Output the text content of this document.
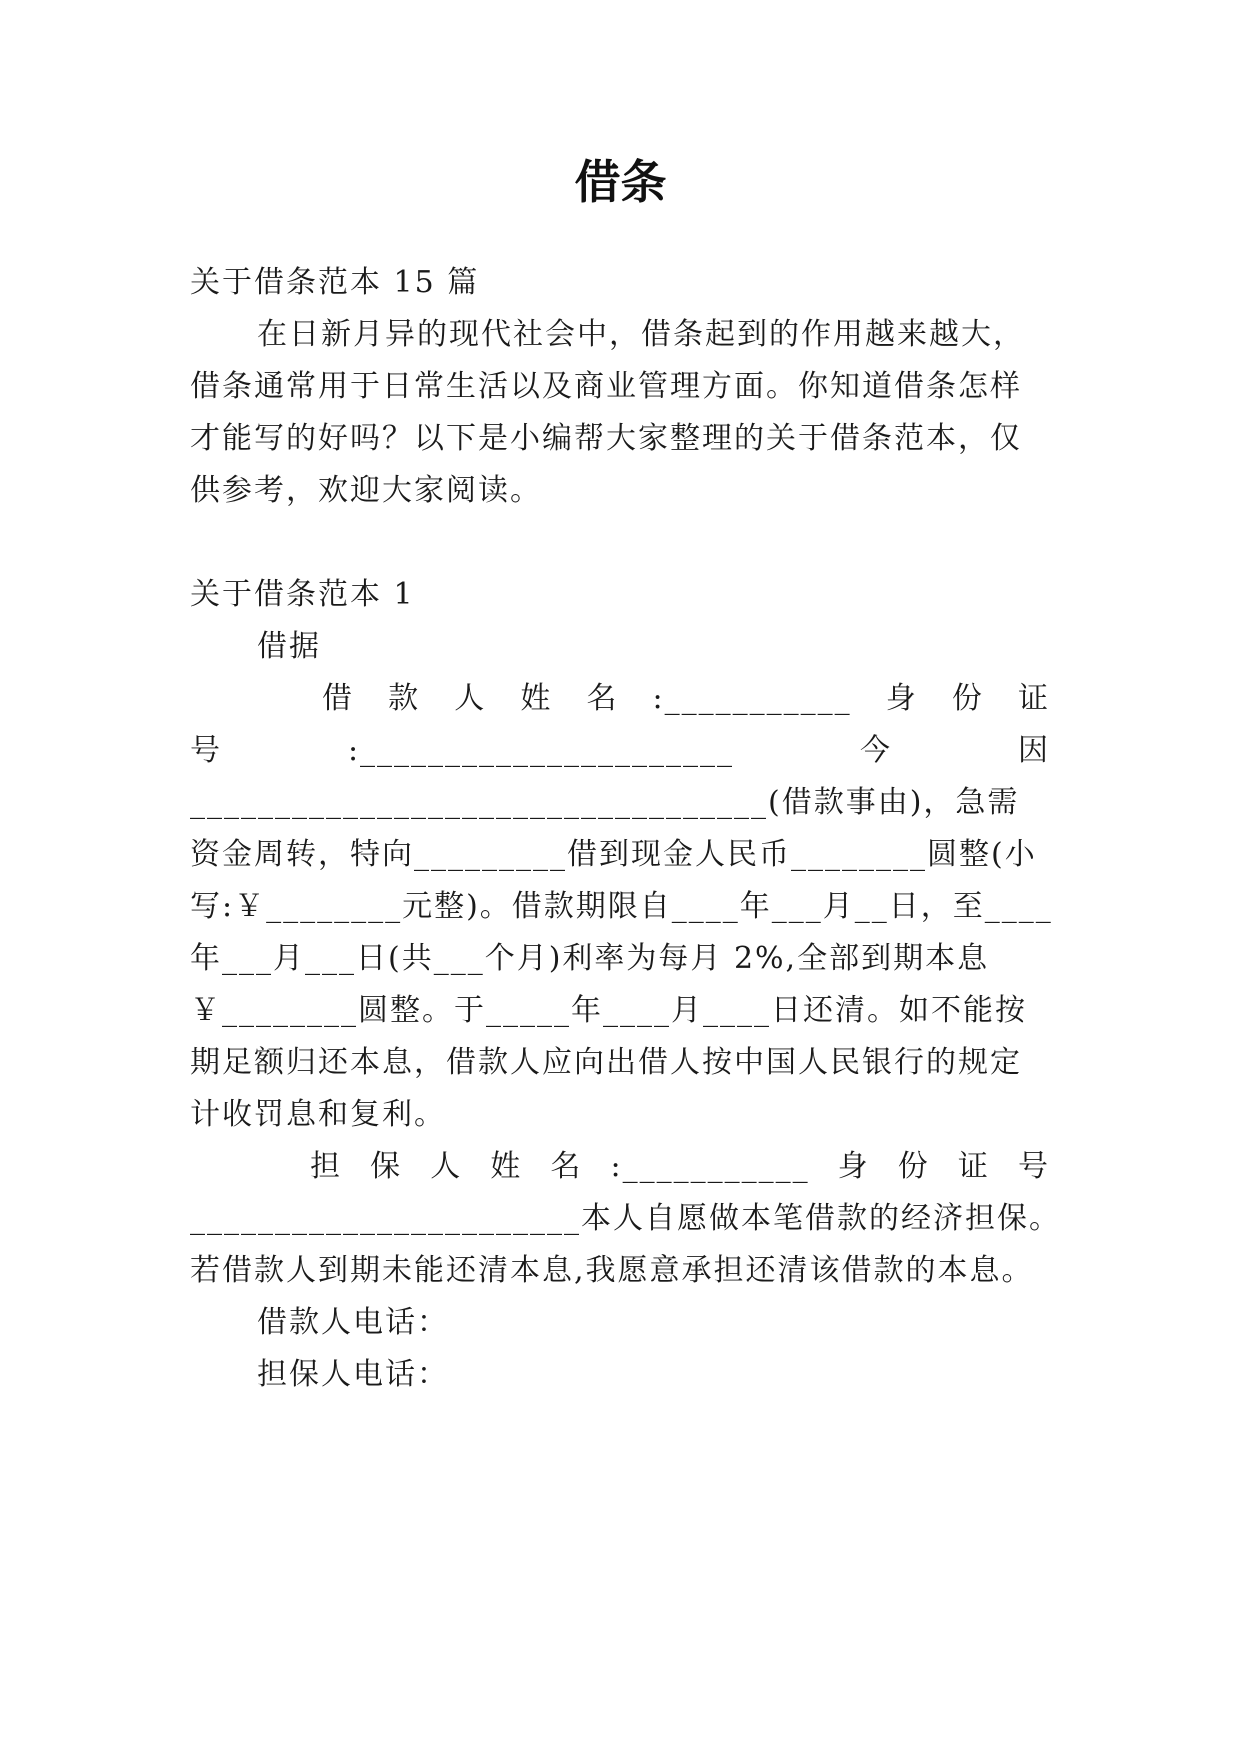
借条
关于借条范本 15 篇
在日新月异的现代社会中，借条起到的作用越来越大，
借条通常用于日常生活以及商业管理方面。你知道借条怎样
才能写的好吗？以下是小编帮大家整理的关于借条范本，仅
供参考，欢迎大家阅读。
关于借条范本 1
借据
借 款 人 姓 名 :___________ 身 份 证
号	:______________________	今	因
__________________________________(借款事由)，急需
资金周转，特向_________借到现金人民币________圆整(小
写:￥________元整)。借款期限自____年___月__日，至____
年___月___日(共___个月)利率为每月 2%,全部到期本息
￥________圆整。于_____年____月____日还清。如不能按
期足额归还本息，借款人应向出借人按中国人民银行的规定
计收罚息和复利。
担 保 人 姓 名 :___________ 身 份 证 号
_______________________本人自愿做本笔借款的经济担保。
若借款人到期未能还清本息,我愿意承担还清该借款的本息。
借款人电话：
担保人电话：
